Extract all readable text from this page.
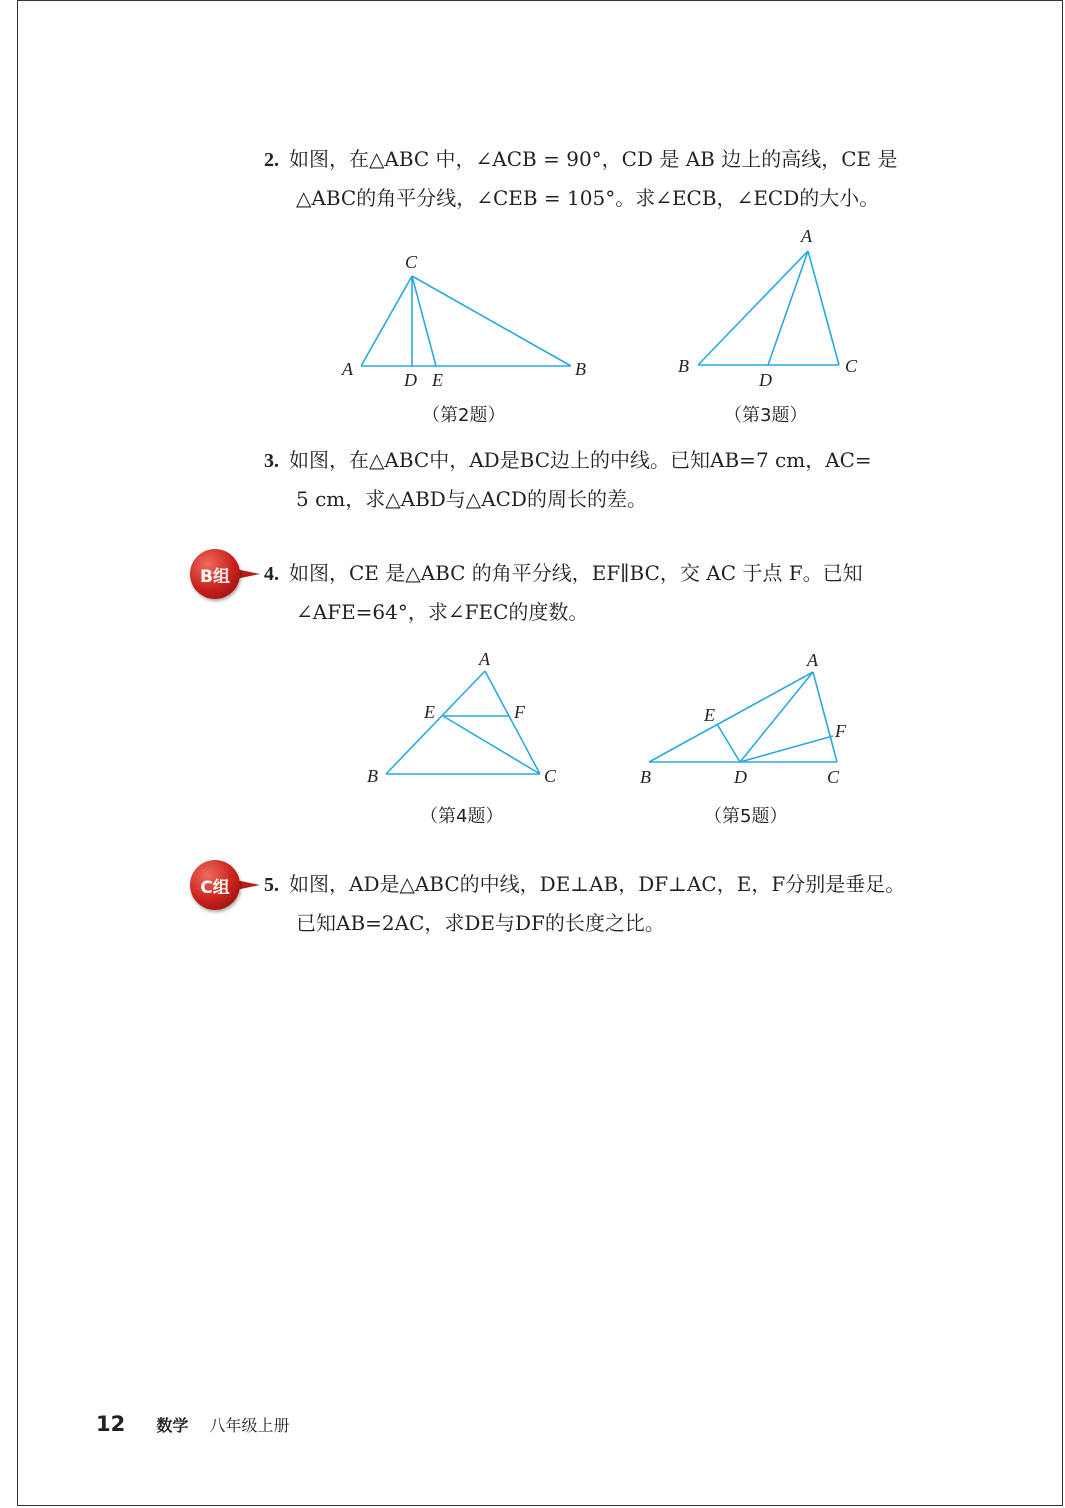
2. 如图，在△ABC 中，∠ACB = 90°，CD 是 AB 边上的高线，CE 是
△ABC的角平分线，∠CEB = 105°。求∠ECB，∠ECD的大小。
C
A	B
D E
（第2题）
A
B	C
D
（第3题）
3. 如图，在△ABC中，AD是BC边上的中线。已知AB=7 cm，AC=
5 cm，求△ABD与△ACD的周长的差。
B组	4. 如图，CE 是△ABC 的角平分线，EF∥BC，交 AC 于点 F。已知
∠AFE=64°，求∠FEC的度数。
A
E	F
B	C
（第4题）
A
E
F
B	D	C
（第5题）
C组	5. 如图，AD是△ABC的中线，DE⊥AB，DF⊥AC，E，F分别是垂足。
已知AB=2AC，求DE与DF的长度之比。
12 数学 八年级上册
